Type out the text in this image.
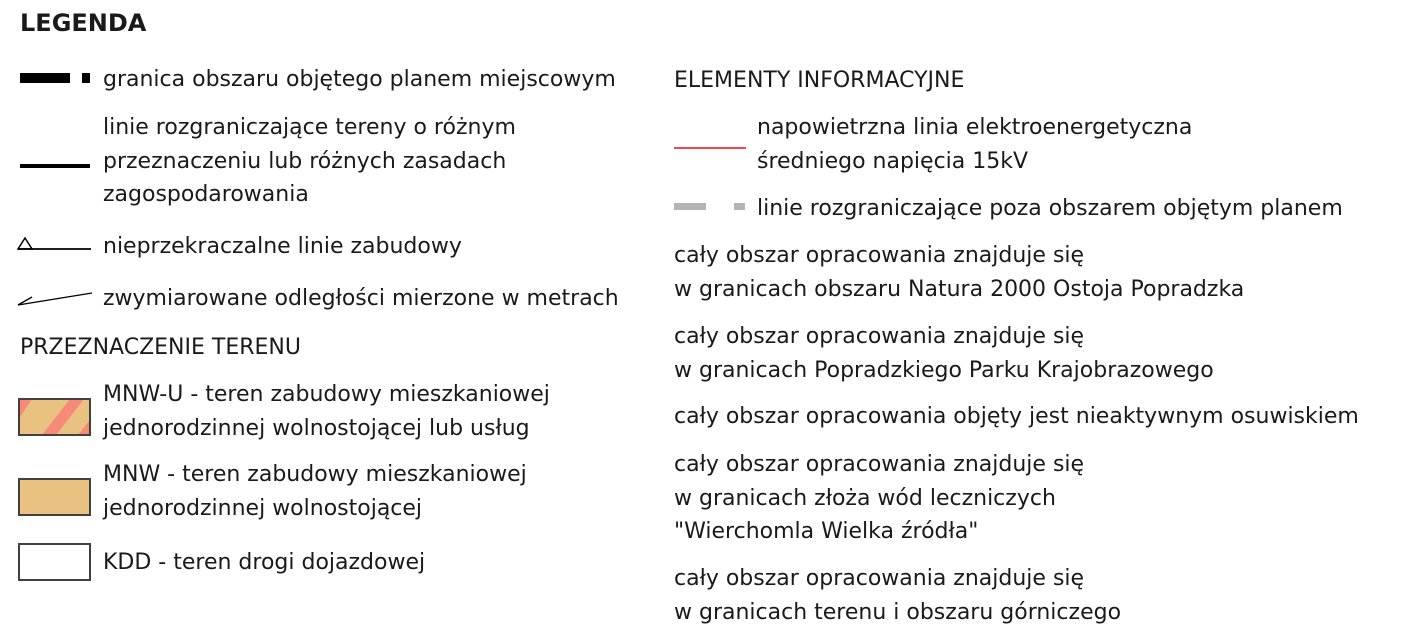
LEGENDA
granica obszaru objętego planem miejscowym
linie rozgraniczające tereny o różnym
przeznaczeniu lub różnych zasadach
zagospodarowania
nieprzekraczalne linie zabudowy
zwymiarowane odległości mierzone w metrach
PRZEZNACZENIE TERENU
MNW-U - teren zabudowy mieszkaniowej
jednorodzinnej wolnostojącej lub usług
MNW - teren zabudowy mieszkaniowej
jednorodzinnej wolnostojącej
KDD - teren drogi dojazdowej
ELEMENTY INFORMACYJNE
napowietrzna linia elektroenergetyczna
średniego napięcia 15kV
linie rozgraniczające poza obszarem objętym planem
cały obszar opracowania znajduje się
w granicach obszaru Natura 2000 Ostoja Popradzka
cały obszar opracowania znajduje się
w granicach Popradzkiego Parku Krajobrazowego
cały obszar opracowania objęty jest nieaktywnym osuwiskiem
cały obszar opracowania znajduje się
w granicach złoża wód leczniczych
"Wierchomla Wielka źródła"
cały obszar opracowania znajduje się
w granicach terenu i obszaru górniczego
